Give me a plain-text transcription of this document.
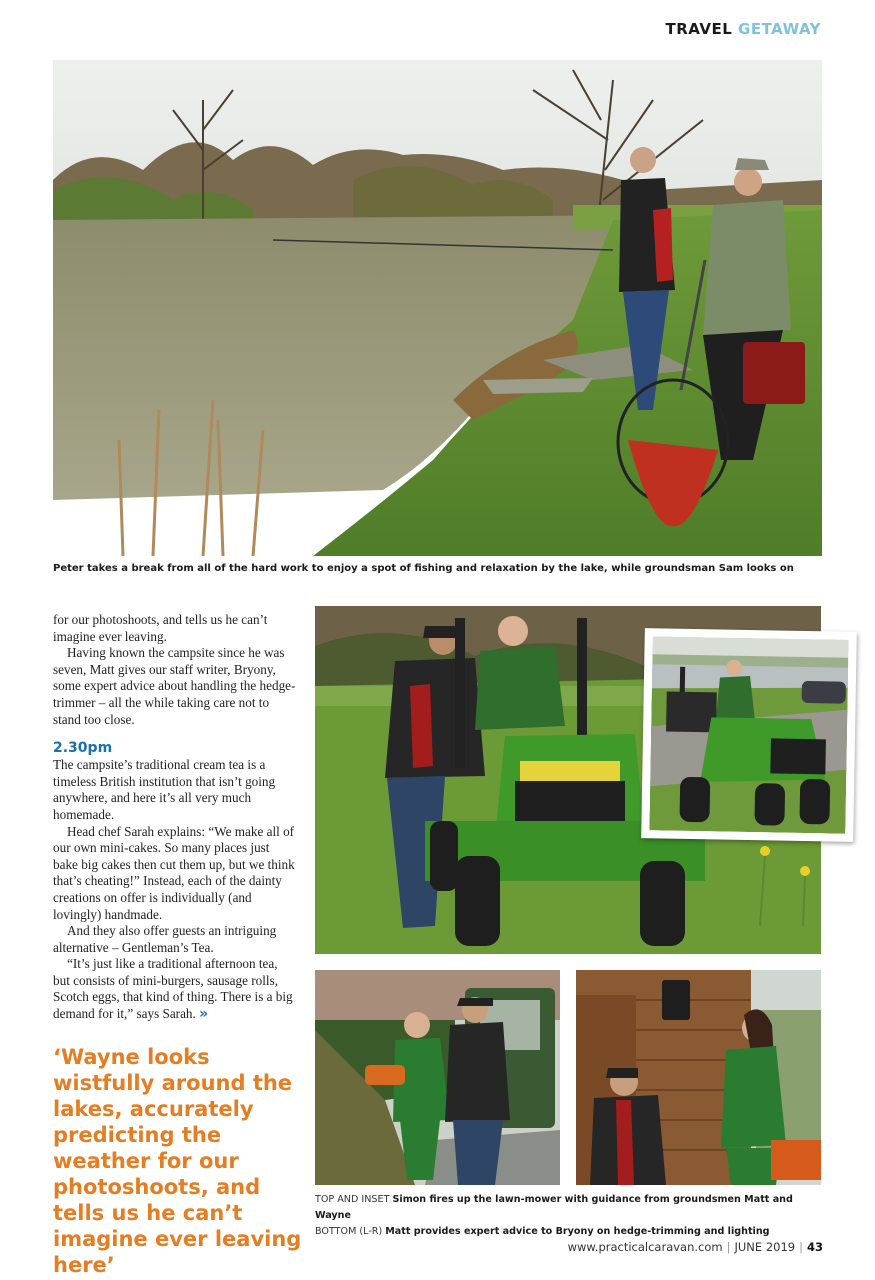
TRAVEL GETAWAY
Peter takes a break from all of the hard work to enjoy a spot of fishing and relaxation by the lake, while groundsman Sam looks on

for our photoshoots, and tells us he can’t imagine ever leaving.

Having known the campsite since he was seven, Matt gives our staff writer, Bryony, some expert advice about handling the hedge-trimmer – all the while taking care not to stand too close.

2.30pm

The campsite’s traditional cream tea is a timeless British institution that isn’t going anywhere, and here it’s all very much homemade.

Head chef Sarah explains: “We make all of our own mini-cakes. So many places just bake big cakes then cut them up, but we think that’s cheating!” Instead, each of the dainty creations on offer is individually (and lovingly) handmade.

And they also offer guests an intriguing alternative – Gentleman’s Tea.

“It’s just like a traditional afternoon tea, but consists of mini-burgers, sausage rolls, Scotch eggs, that kind of thing. There is a big demand for it,” says Sarah. »

‘Wayne looks wistfully around the lakes, accurately predicting the weather for our photoshoots, and tells us he can’t imagine ever leaving here’
TOP AND INSET Simon fires up the lawn-mower with guidance from groundsmen Matt and Wayne
BOTTOM (L-R) Matt provides expert advice to Bryony on hedge-trimming and lighting
www.practicalcaravan.com | JUNE 2019 | 43
